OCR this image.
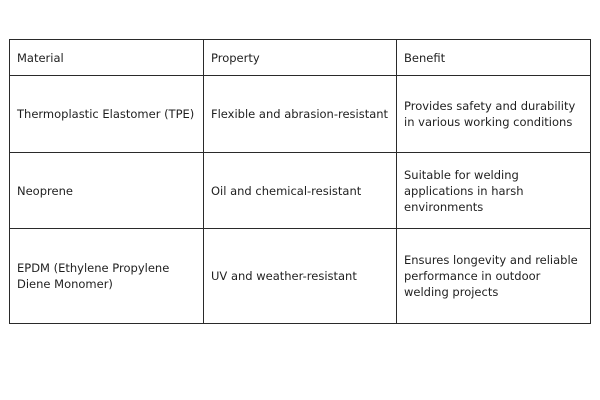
Material	Property	Benefit
Thermoplastic Elastomer (TPE)	Flexible and abrasion-resistant	Provides safety and durability in various working conditions
Neoprene	Oil and chemical-resistant	Suitable for welding applications in harsh environments
EPDM (Ethylene Propylene Diene Monomer)	UV and weather-resistant	Ensures longevity and reliable performance in outdoor welding projects
